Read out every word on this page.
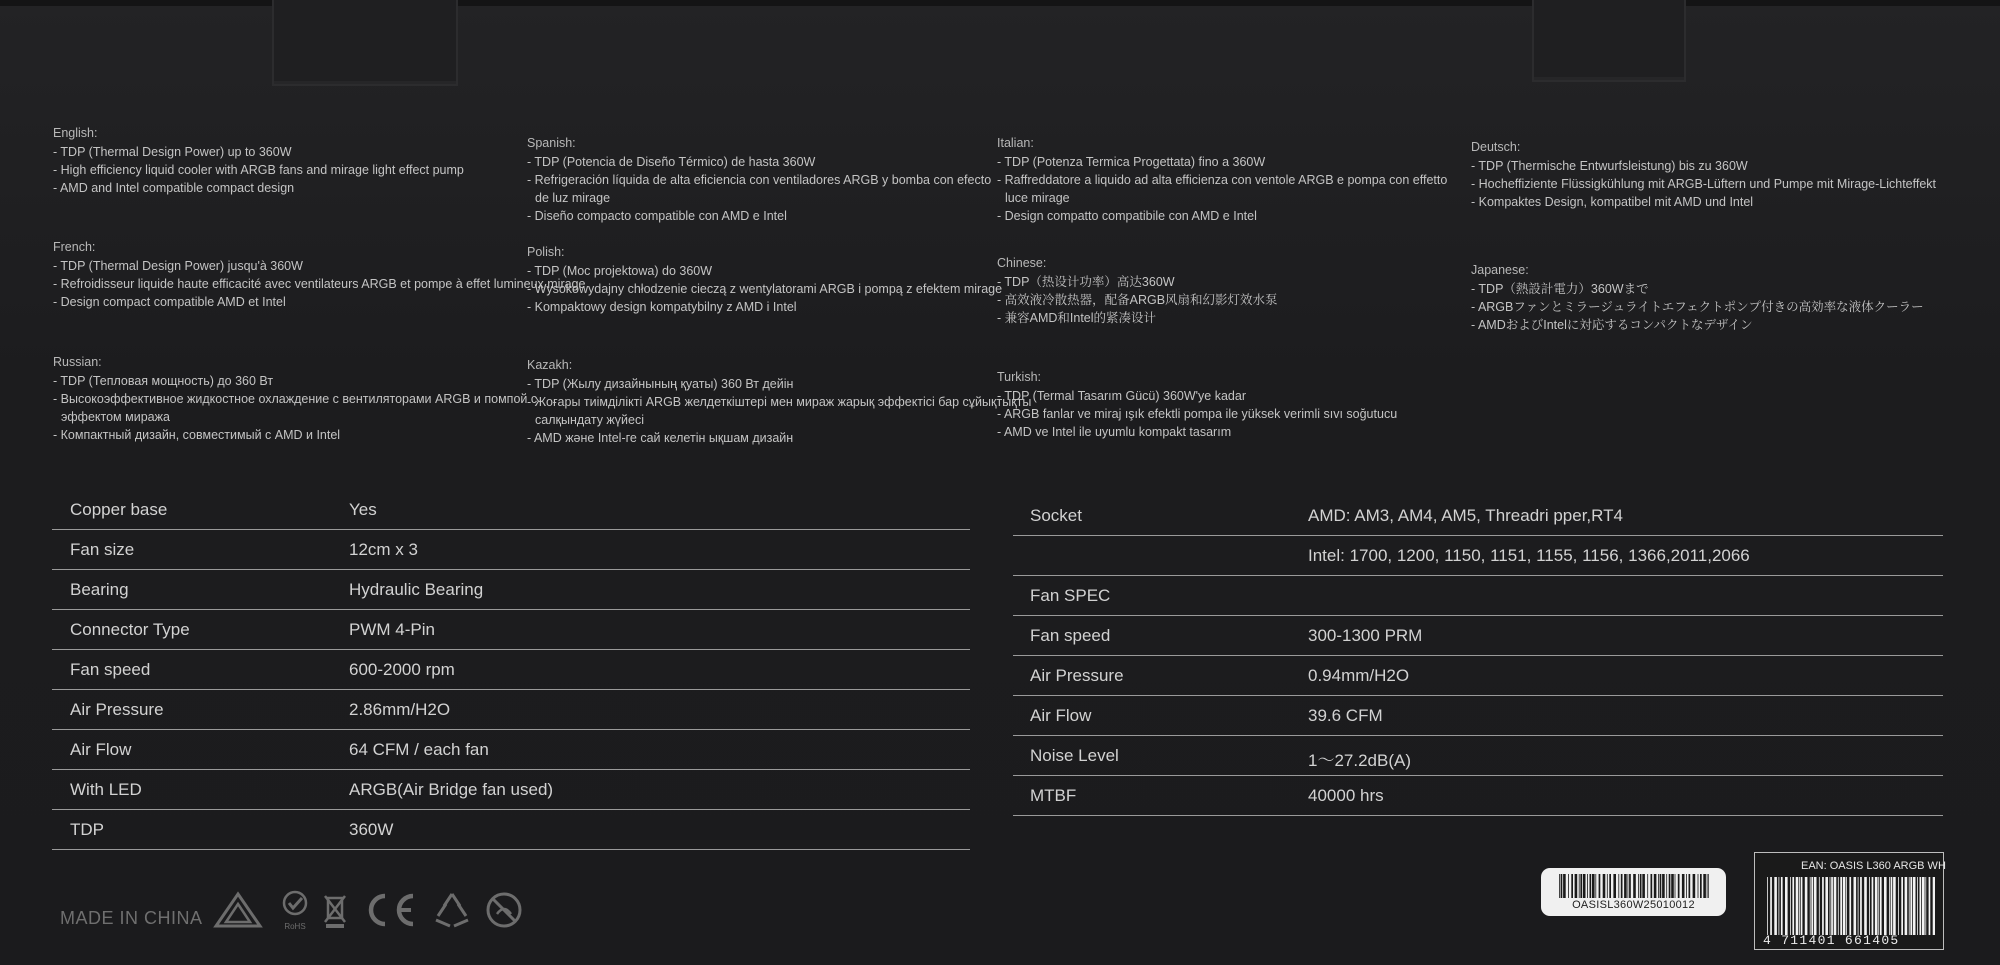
English:
- TDP (Thermal Design Power) up to 360W
- High efficiency liquid cooler with ARGB fans and mirage light effect pump
- AMD and Intel compatible compact design
French:
- TDP (Thermal Design Power) jusqu'à 360W
- Refroidisseur liquide haute efficacité avec ventilateurs ARGB et pompe à effet lumineux mirage
- Design compact compatible AMD et Intel
Russian:
- TDP (Тепловая мощность) до 360 Вт
- Высокоэффективное жидкостное охлаждение с вентиляторами ARGB и помпой с
эффектом миража
- Компактный дизайн, совместимый с AMD и Intel
Spanish:
- TDP (Potencia de Diseño Térmico) de hasta 360W
- Refrigeración líquida de alta eficiencia con ventiladores ARGB y bomba con efecto
de luz mirage
- Diseño compacto compatible con AMD e Intel
Polish:
- TDP (Moc projektowa) do 360W
- Wysokowydajny chłodzenie cieczą z wentylatorami ARGB i pompą z efektem mirage
- Kompaktowy design kompatybilny z AMD i Intel
Kazakh:
- TDP (Жылу дизайнының қуаты) 360 Вт дейін
- Жоғары тиімділікті ARGB желдеткіштері мен мираж жарық эффектісі бар сұйықтықты
салқындату жүйесі
- AMD және Intel-ге сай келетін ықшам дизайн
Italian:
- TDP (Potenza Termica Progettata) fino a 360W
- Raffreddatore a liquido ad alta efficienza con ventole ARGB e pompa con effetto
luce mirage
- Design compatto compatibile con AMD e Intel
Chinese:
- TDP（热设计功率）高达360W
- 高效液冷散热器，配备ARGB风扇和幻影灯效水泵
- 兼容AMD和Intel的紧凑设计
Turkish:
- TDP (Termal Tasarım Gücü) 360W'ye kadar
- ARGB fanlar ve miraj ışık efektli pompa ile yüksek verimli sıvı soğutucu
- AMD ve Intel ile uyumlu kompakt tasarım
Deutsch:
- TDP (Thermische Entwurfsleistung) bis zu 360W
- Hocheffiziente Flüssigkühlung mit ARGB-Lüftern und Pumpe mit Mirage-Lichteffekt
- Kompaktes Design, kompatibel mit AMD und Intel
Japanese:
- TDP（熱設計電力）360Wまで
- ARGBファンとミラージュライトエフェクトポンプ付きの高効率な液体クーラー
- AMDおよびIntelに対応するコンパクトなデザイン
Copper base	Yes
Fan size	12cm x 3
Bearing	Hydraulic Bearing
Connector Type	PWM 4-Pin
Fan speed	600-2000 rpm
Air Pressure	2.86mm/H2O
Air Flow	64 CFM / each fan
With LED	ARGB(Air Bridge fan used)
TDP	360W
Socket	AMD: AM3, AM4, AM5, Threadri pper,RT4
Intel: 1700, 1200, 1150, 1151, 1155, 1156, 1366,2011,2066
Fan SPEC
Fan speed	300-1300 PRM
Air Pressure	0.94mm/H2O
Air Flow	39.6 CFM
Noise Level	1～27.2dB(A)
MTBF	40000 hrs
MADE IN CHINA	RoHS
OASISL360W25010012
EAN: OASIS L360 ARGB WH
4 711401 661405
